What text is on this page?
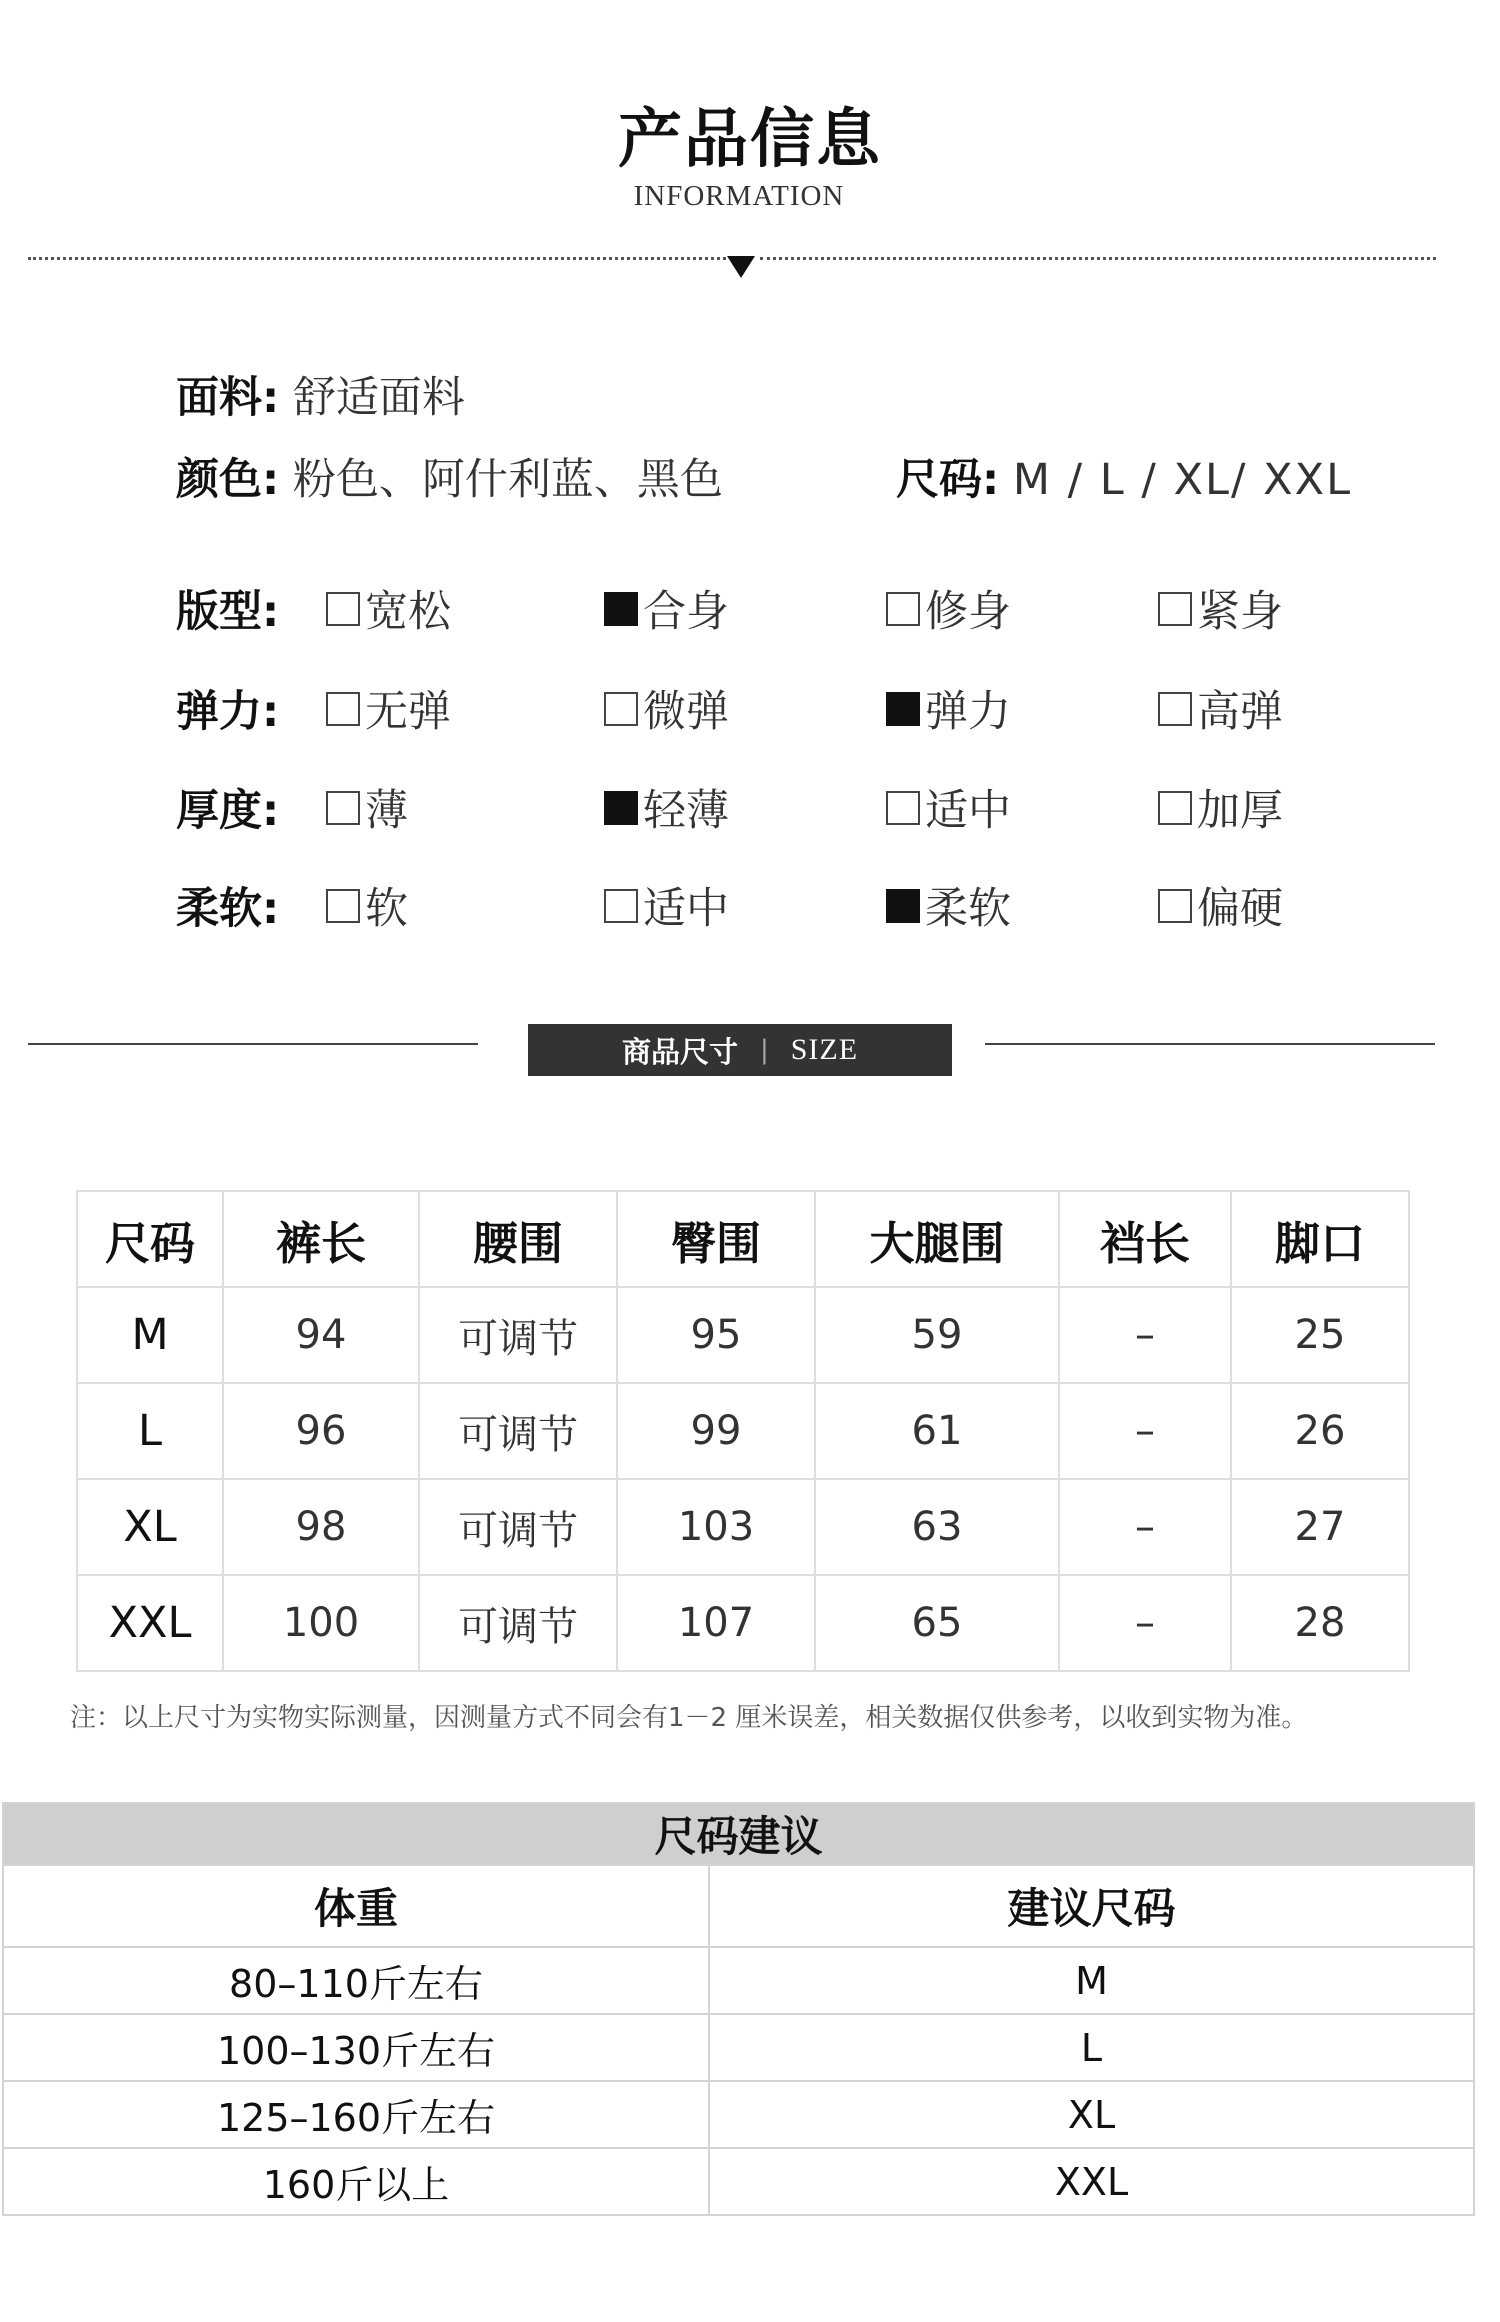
产品信息
INFORMATION
面料: 舒适面料
颜色: 粉色、阿什利蓝、黑色	尺码: M / L / XL/ XXL
版型: 宽松	合身	修身	紧身
弹力: 无弹	微弹	弹力	高弹
厚度: 薄	轻薄	适中	加厚
柔软: 软	适中	柔软	偏硬
商品尺寸 | SIZE
尺码	裤长	腰围	臀围	大腿围	裆长	脚口
M	94	可调节	95	59	–	25
L	96	可调节	99	61	–	26
XL	98	可调节	103	63	–	27
XXL	100	可调节	107	65	–	28
注：以上尺寸为实物实际测量，因测量方式不同会有1－2 厘米误差，相关数据仅供参考，以收到实物为准。
尺码建议	
体重	建议尺码
80–110斤左右	M
100–130斤左右	L
125–160斤左右	XL
160斤以上	XXL
